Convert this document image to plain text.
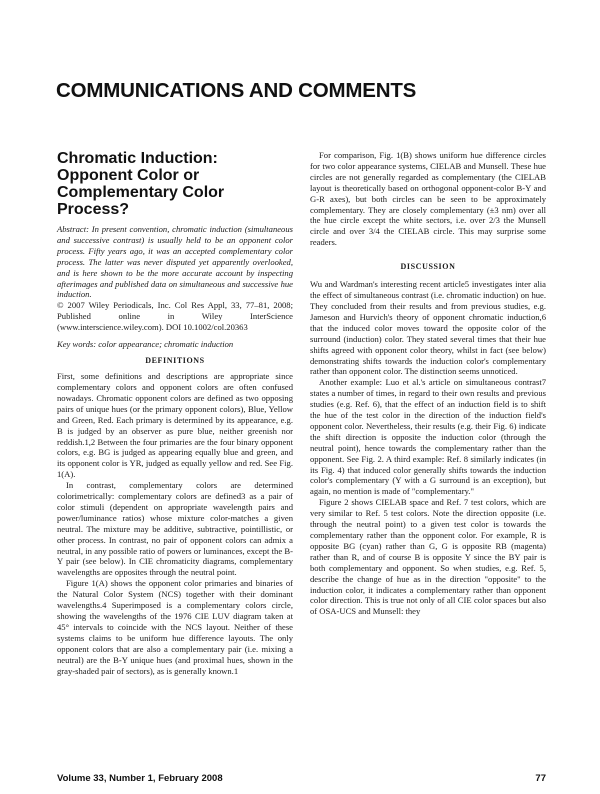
COMMUNICATIONS AND COMMENTS
Chromatic Induction: Opponent Color or Complementary Color Process?

Abstract: In present convention, chromatic induction (simultaneous and successive contrast) is usually held to be an opponent color process. Fifty years ago, it was an accepted complementary color process. The latter was never disputed yet apparently overlooked, and is here shown to be the more accurate account by inspecting afterimages and published data on simultaneous and successive hue induction.

© 2007 Wiley Periodicals, Inc. Col Res Appl, 33, 77–81, 2008; Published online in Wiley InterScience (www.interscience.wiley.com). DOI 10.1002/col.20363

Key words: color appearance; chromatic induction

DEFINITIONS

First, some definitions and descriptions are appropriate since complementary colors and opponent colors are often confused nowadays. Chromatic opponent colors are defined as two opposing pairs of unique hues (or the primary opponent colors), Blue, Yellow and Green, Red. Each primary is determined by its appearance, e.g. B is judged by an observer as pure blue, neither greenish nor reddish.1,2 Between the four primaries are the four binary opponent colors, e.g. BG is judged as appearing equally blue and green, and its opponent color is YR, judged as equally yellow and red. See Fig. 1(A).

In contrast, complementary colors are determined colorimetrically: complementary colors are defined3 as a pair of color stimuli (dependent on appropriate wavelength pairs and power/luminance ratios) whose mixture color-matches a given neutral. The mixture may be additive, subtractive, pointillistic, or other process. In contrast, no pair of opponent colors can admix a neutral, in any possible ratio of powers or luminances, except the B-Y pair (see below). In CIE chromaticity diagrams, complementary wavelengths are opposites through the neutral point.

Figure 1(A) shows the opponent color primaries and binaries of the Natural Color System (NCS) together with their dominant wavelengths.4 Superimposed is a complementary colors circle, showing the wavelengths of the 1976 CIE LUV diagram taken at 45° intervals to coincide with the NCS layout. Neither of these systems claims to be uniform hue difference layouts. The only opponent colors that are also a complementary pair (i.e. mixing a neutral) are the B-Y unique hues (and proximal hues, shown in the gray-shaded pair of sectors), as is generally known.1

For comparison, Fig. 1(B) shows uniform hue difference circles for two color appearance systems, CIELAB and Munsell. These hue circles are not generally regarded as complementary (the CIELAB layout is theoretically based on orthogonal opponent-color B-Y and G-R axes), but both circles can be seen to be approximately complementary. They are closely complementary (±3 nm) over all the hue circle except the white sectors, i.e. over 2/3 the Munsell circle and over 3/4 the CIELAB circle. This may surprise some readers.

DISCUSSION

Wu and Wardman's interesting recent article5 investigates inter alia the effect of simultaneous contrast (i.e. chromatic induction) on hue. They concluded from their results and from previous studies, e.g. Jameson and Hurvich's theory of opponent chromatic induction,6 that the induced color moves toward the opposite color of the surround (induction) color. They stated several times that their hue shifts agreed with opponent color theory, whilst in fact (see below) demonstrating shifts towards the induction color's complementary rather than opponent color. The distinction seems unnoticed.

Another example: Luo et al.'s article on simultaneous contrast7 states a number of times, in regard to their own results and previous studies (e.g. Ref. 6), that the effect of an induction field is to shift the hue of the test color in the direction of the induction field's opponent color. Nevertheless, their results (e.g. their Fig. 6) indicate the shift direction is opposite the induction color (through the neutral point), hence towards the complementary rather than the opponent. See Fig. 2. A third example: Ref. 8 similarly indicates (in its Fig. 4) that induced color generally shifts towards the induction color's complementary (Y with a G surround is an exception), but again, no mention is made of "complementary."

Figure 2 shows CIELAB space and Ref. 7 test colors, which are very similar to Ref. 5 test colors. Note the direction opposite (i.e. through the neutral point) to a given test color is towards the complementary rather than the opponent color. For example, R is opposite BG (cyan) rather than G, G is opposite RB (magenta) rather than R, and of course B is opposite Y since the BY pair is both complementary and opponent. So when studies, e.g. Ref. 5, describe the change of hue as in the direction "opposite" to the induction color, it indicates a complementary rather than opponent color direction. This is true not only of all CIE color spaces but also of OSA-UCS and Munsell: they

Volume 33, Number 1, February 2008	77
